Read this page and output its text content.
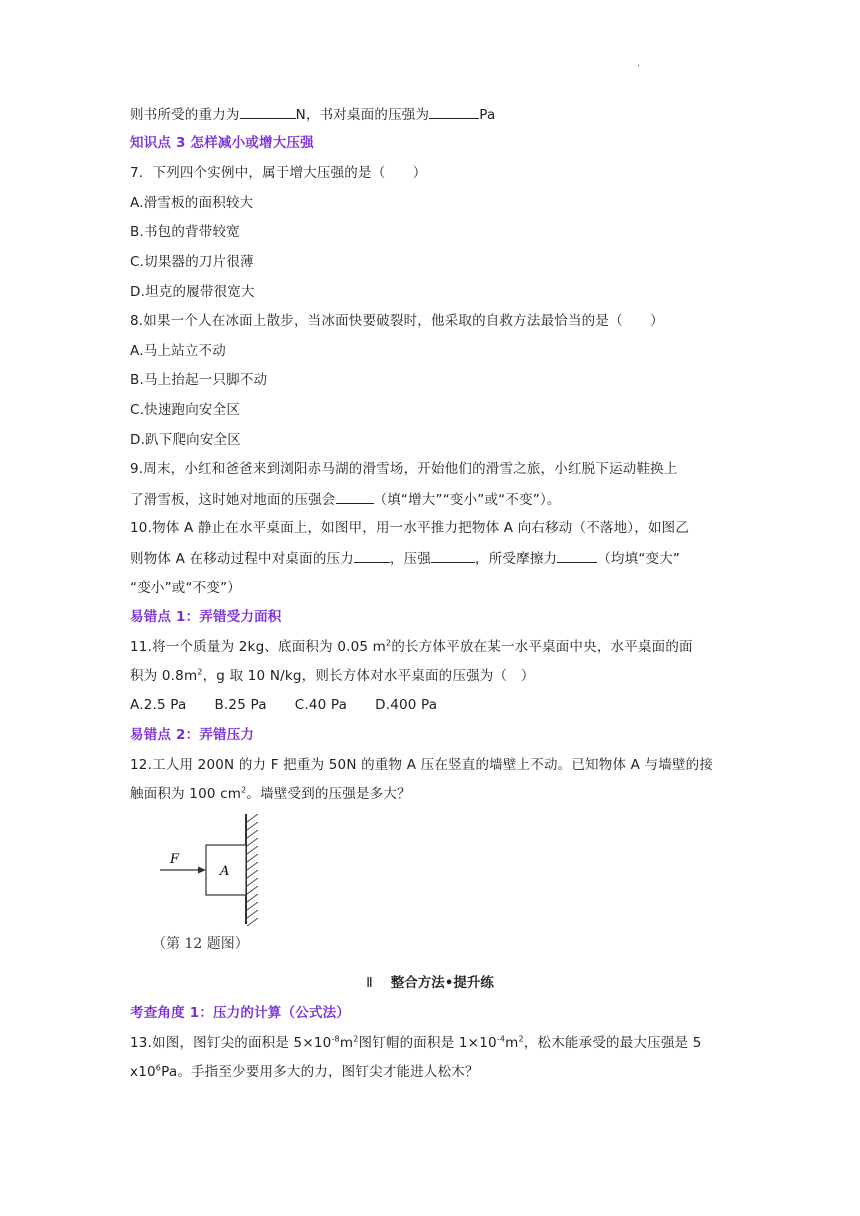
.
则书所受的重力为	N，书对桌面的压强为	Pa
知识点 3 怎样减小或增大压强
7．下列四个实例中，属于增大压强的是（　　）
A.滑雪板的面积较大
B.书包的背带较宽
C.切果器的刀片很薄
D.坦克的履带很宽大
8.如果一个人在冰面上散步，当冰面快要破裂时，他采取的自救方法最恰当的是（　　）
A.马上站立不动
B.马上抬起一只脚不动
C.快速跑向安全区
D.趴下爬向安全区
9.周末，小红和爸爸来到浏阳赤马湖的滑雪场，开始他们的滑雪之旅，小红脱下运动鞋换上
了滑雪板，这时她对地面的压强会	（填“增大”“变小”或“不变”）。
10.物体 A 静止在水平桌面上，如图甲，用一水平推力把物体 A 向右移动（不落地），如图乙
则物体 A 在移动过程中对桌面的压力	，压强	，所受摩擦力	（均填“变大”
“变小”或“不变”）
易错点 1：弄错受力面积
11.将一个质量为 2kg、底面积为 0.05 $m^2$的长方体平放在某一水平桌面中央，水平桌面的面
积为 $0.8m^2$，g 取 10 N/kg，则长方体对水平桌面的压强为（　）
A.2.5 Pa B.25 Pa C.40 Pa D.400 Pa
易错点 2：弄错压力
12.工人用 200N 的力 F 把重为 50N 的重物 A 压在竖直的墙壁上不动。已知物体 A 与墙壁的接
触面积为 100 $cm^2$。墙壁受到的压强是多大？
A
F
（第 12 题图）
Ⅱ 整合方法•提升练
考查角度 1：压力的计算（公式法）
13.如图，图钉尖的面积是 $5\times 10^{-8}m^2$图钉帽的面积是 $1\times 10^{-4}m^2$，松木能承受的最大压强是 5
$x10^6Pa$。手指至少要用多大的力，图钉尖才能进人松木？
